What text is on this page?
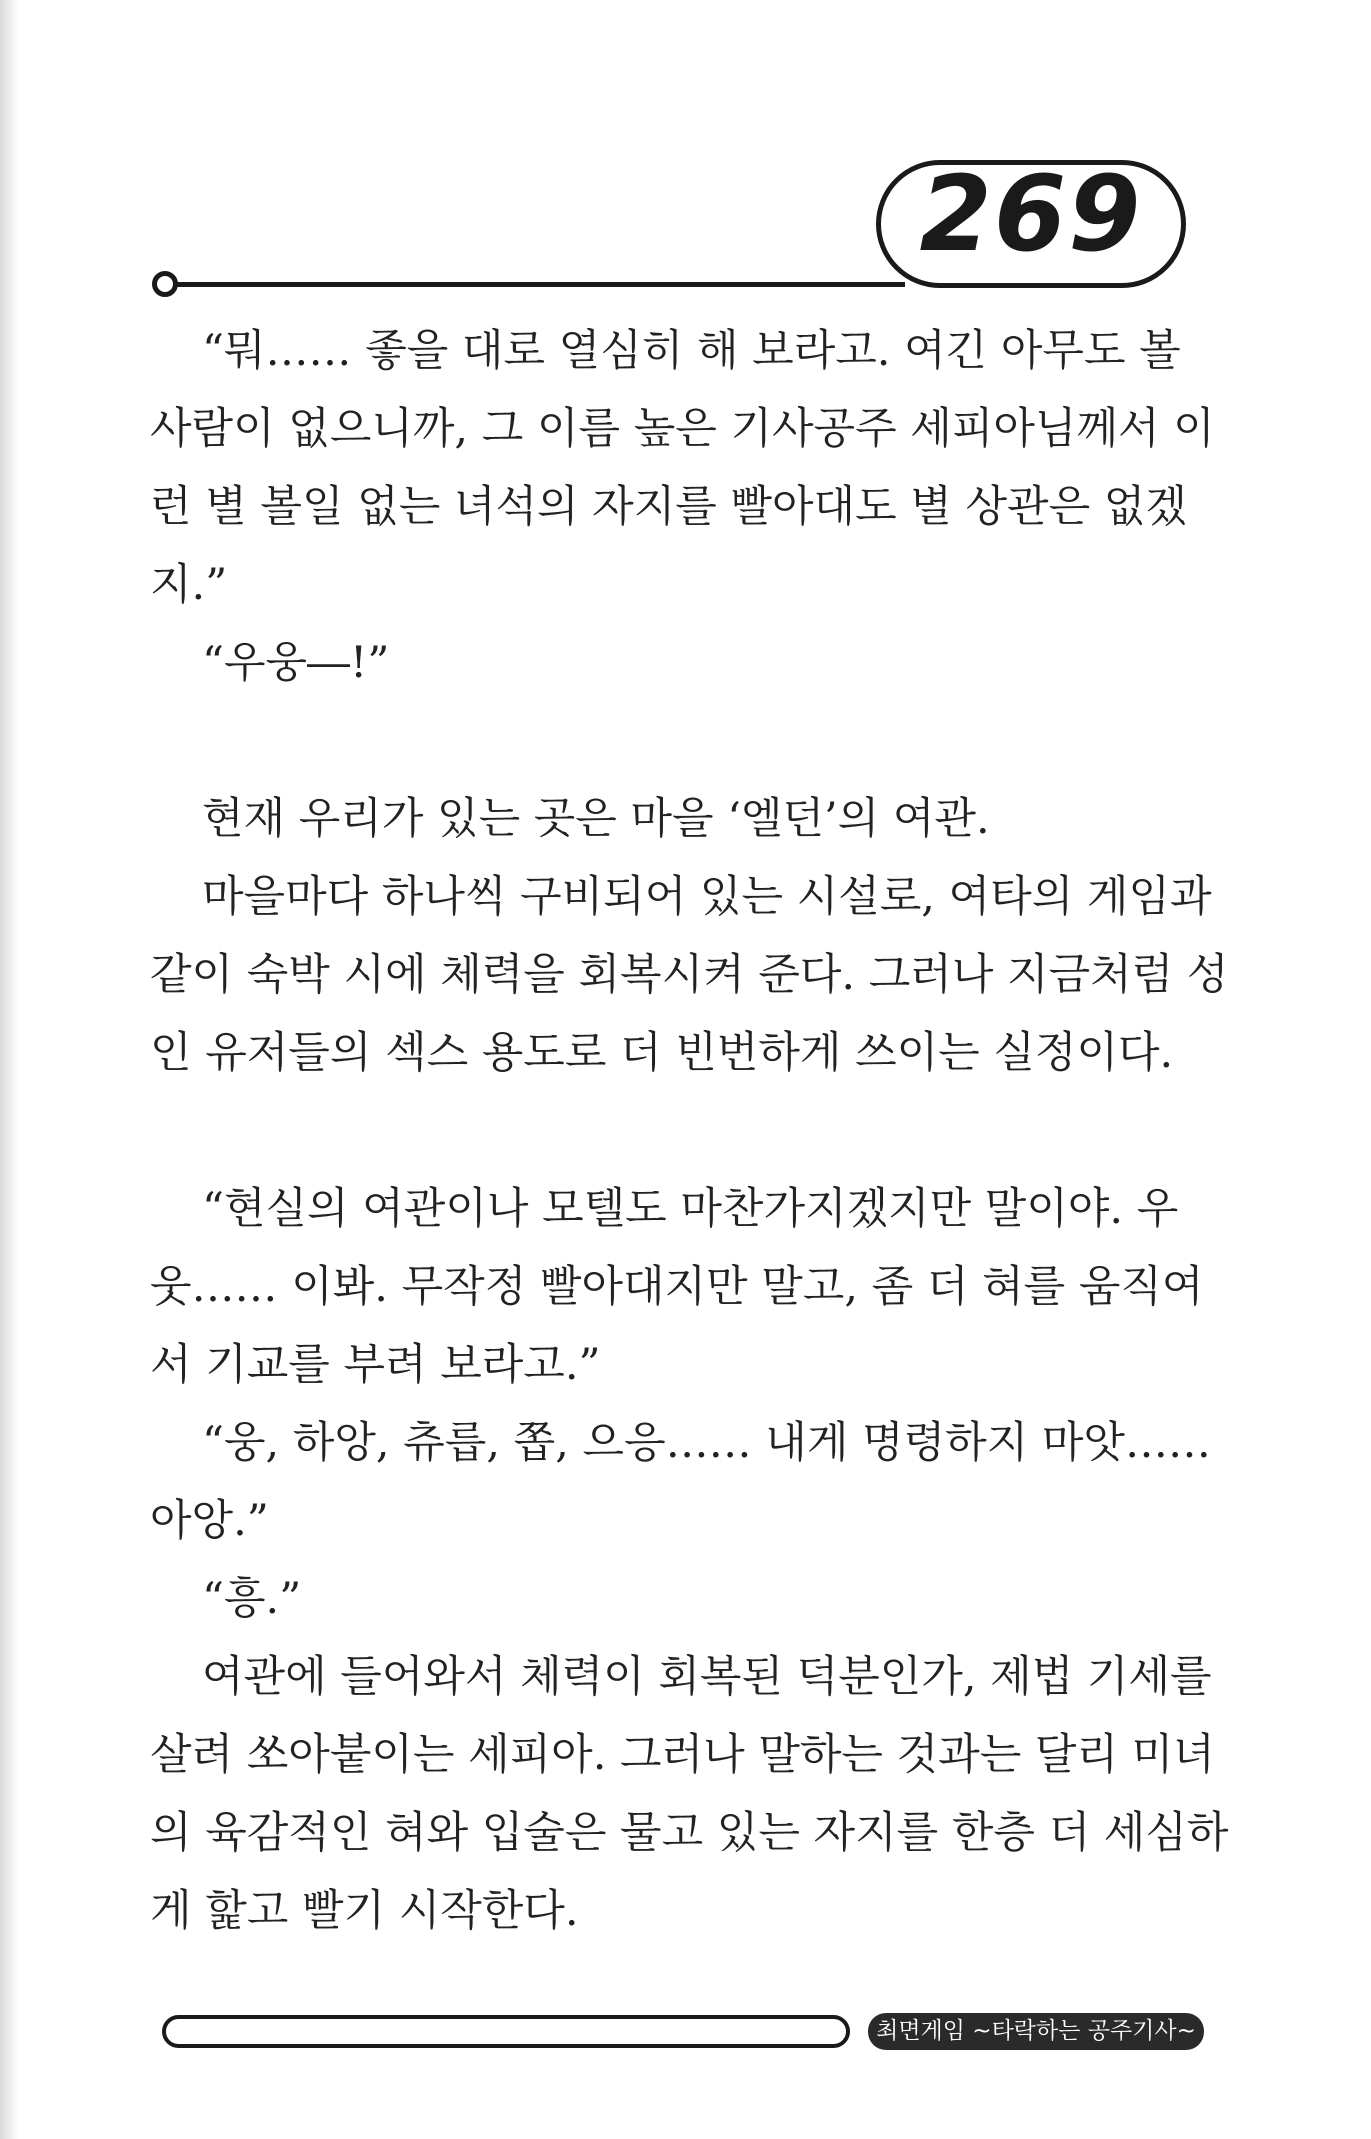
269
“뭐…… 좋을 대로 열심히 해 보라고. 여긴 아무도 볼
사람이 없으니까, 그 이름 높은 기사공주 세피아님께서 이
런 별 볼일 없는 녀석의 자지를 빨아대도 별 상관은 없겠
지.”
“우웅―!”
현재 우리가 있는 곳은 마을 ‘엘던’의 여관.
마을마다 하나씩 구비되어 있는 시설로, 여타의 게임과
같이 숙박 시에 체력을 회복시켜 준다. 그러나 지금처럼 성
인 유저들의 섹스 용도로 더 빈번하게 쓰이는 실정이다.
“현실의 여관이나 모텔도 마찬가지겠지만 말이야. 우
웃…… 이봐. 무작정 빨아대지만 말고, 좀 더 혀를 움직여
서 기교를 부려 보라고.”
“웅, 하앙, 츄릅, 쫍, 으응…… 내게 명령하지 마앗……
아앙.”
“흥.”
여관에 들어와서 체력이 회복된 덕분인가, 제법 기세를
살려 쏘아붙이는 세피아. 그러나 말하는 것과는 달리 미녀
의 육감적인 혀와 입술은 물고 있는 자지를 한층 더 세심하
게 핥고 빨기 시작한다.
최면게임 ~타락하는 공주기사~
